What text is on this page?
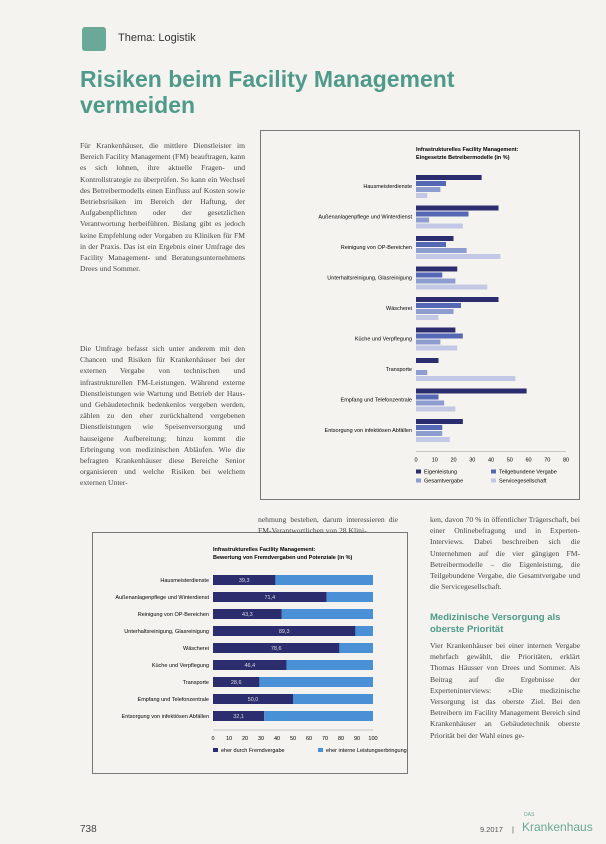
Thema: Logistik
Risiken beim Facility Management vermeiden

Für Krankenhäuser, die mittlere Dienstleister im Bereich Facility Management (FM) beauftragen, kann es sich lohnen, ihre aktuelle Fragen- und Kontrollstrategie zu überprüfen. So kann ein Wechsel des Betreibermodells einen Einfluss auf Kosten sowie Betriebsrisiken im Bereich der Haftung, der Aufgabenpflichten oder der gesetzlichen Verantwortung herbeiführen. Bislang gibt es jedoch keine Empfehlung oder Vorgaben zu Kliniken für FM in der Praxis. Das ist ein Ergebnis einer Umfrage des Facility Management- und Beratungsunternehmens Drees und Sommer.

Die Umfrage befasst sich unter anderem mit den Chancen und Risiken für Krankenhäuser bei der externen Vergabe von technischen und infrastrukturellen FM-Leistungen. Während externe Dienstleistungen wie Wartung und Betrieb der Haus- und Gebäudetechnik bedenkenlos vergeben werden, zählen zu den eher zurückhaltend vergebenen Dienstleistungen wie Speisenversorgung und hauseigene Aufbereitung; hinzu kommt die Erbringung von medizinischen Abläufen. Wie die befragten Krankenhäuser diese Bereiche Senior organisieren und welche Risiken bei welchem externen Unter-

Infrastrukturelles Facility Management:
Eingesetzte Betreibermodelle (in %)
Hausmeisterdienste
Außenanlagenpflege und Winterdienst
Reinigung von OP-Bereichen
Unterhaltsreinigung, Glasreinigung
Wäscherei
Küche und Verpflegung
Transporte
Empfang und Telefonzentrale
Entsorgung von infektiösen Abfällen
0	10 20 30 40 50 60 70 80
Eigenleistung	Teilgebundene Vergabe
Gesamtvergabe	Servicegesellschaft
Infrastrukturelles Facility Management:
Bewertung von Fremdvergaben und Potenziale (in %)
Hausmeisterdienste	39,3
Außenanlagenpflege und Winterdienst	71,4
Reinigung von OP-Bereichen	43,3
Unterhaltsreinigung, Glasreinigung	89,3
Wäscherei	78,6
Küche und Verpflegung	46,4
Transporte	28,6
Empfang und Telefonzentrale	50,0
Entsorgung von infektiösen Abfällen	32,1
0 10 20 30 40 50 60 70 80 90 100
eher durch Fremdvergabe	eher interne Leistungserbringung

nehmung bestehen, darum interessieren die FM-Verantwortlichen von 28 Klini-

ken, davon 70 % in öffentlicher Trägerschaft, bei einer Onlinebefragung und in Experten-Interviews. Dabei beschreiben sich die Unternehmen auf die vier gängigen FM-Betreibermodelle – die Eigenleistung, die Teilgebundene Vergabe, die Gesamtvergabe und die Servicegesellschaft.

Medizinische Versorgung als oberste Priorität

Vier Krankenhäuser bei einer internen Vergabe mehrfach gewählt, die Prioritäten, erklärt Thomas Häusser von Drees und Sommer. Als Beitrag auf die Ergebnisse der Experteninterviews: »Die medizinische Versorgung ist das oberste Ziel. Bei den Betreibern im Facility Management Bereich sind Krankenhäuser an Gebäudetechnik oberste Priorität bei der Wahl eines ge-

738	9.2017 |
DAS
Krankenhaus
